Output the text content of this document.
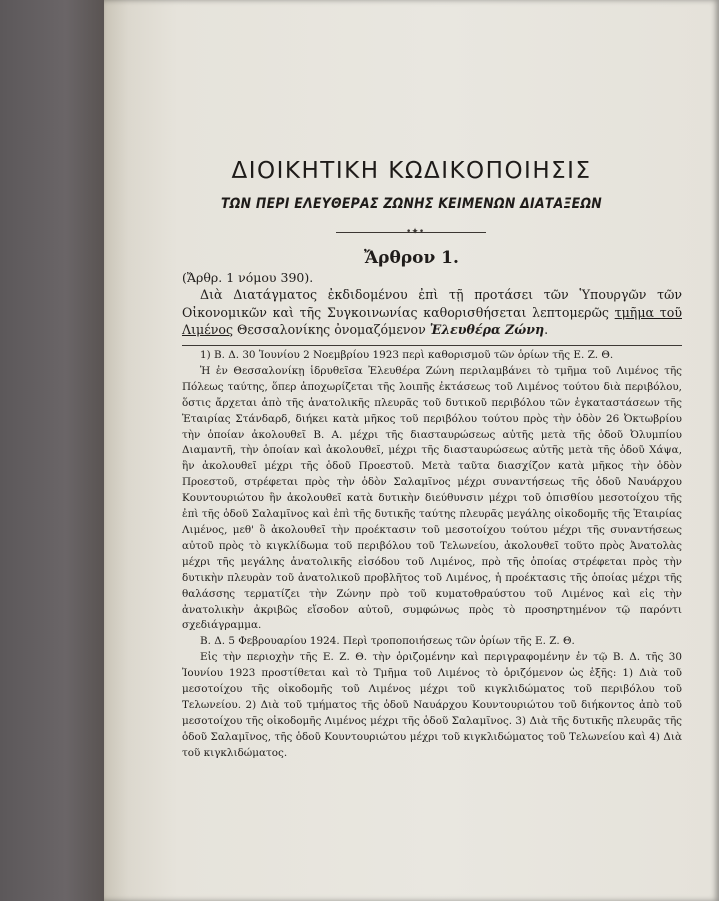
ΔΙΟΙΚΗΤΙΚΗ ΚΩΔΙΚΟΠΟΙΗΣΙΣ
ΤΩΝ ΠΕΡΙ ΕΛΕΥΘΕΡΑΣ ΖΩΝΗΣ ΚΕΙΜΕΝΩΝ ΔΙΑΤΑΞΕΩΝ
•✦•
Ἄρθρον 1.
(Ἄρθρ. 1 νόμου 390).

Διὰ Διατάγματος ἐκδιδομένου ἐπὶ τῇ προτάσει τῶν Ὑπουργῶν τῶν Οἰκονομικῶν καὶ τῆς Συγκοινωνίας καθορισθήσεται λεπτομερῶς τμῆμα τοῦ Λιμένος Θεσσαλονίκης ὀνομαζόμενον Ἐλευθέρα Ζώνη.

1) Β. Δ. 30 Ἰουνίου 2 Νοεμβρίου 1923 περὶ καθορισμοῦ τῶν ὁρίων τῆς Ε. Ζ. Θ.

Ἡ ἐν Θεσσαλονίκῃ ἱδρυθεῖσα Ἐλευθέρα Ζώνη περιλαμβάνει τὸ τμῆμα τοῦ Λιμένος τῆς Πόλεως ταύτης, ὅπερ ἀποχωρίζεται τῆς λοιπῆς ἐκτάσεως τοῦ Λιμένος τούτου διὰ περιβόλου, ὅστις ἄρχεται ἀπὸ τῆς ἀνατολικῆς πλευρᾶς τοῦ δυτικοῦ περιβόλου τῶν ἐγκαταστάσεων τῆς Ἑταιρίας Στάνδαρδ, διήκει κατὰ μῆκος τοῦ περιβόλου τούτου πρὸς τὴν ὁδὸν 26 Ὀκτωβρίου τὴν ὁποίαν ἀκολουθεῖ Β. Α. μέχρι τῆς διασταυρώσεως αὐτῆς μετὰ τῆς ὁδοῦ Ὀλυμπίου Διαμαντῆ, τὴν ὁποίαν καὶ ἀκολουθεῖ, μέχρι τῆς διασταυρώσεως αὐτῆς μετὰ τῆς ὁδοῦ Χάψα, ἣν ἀκολουθεῖ μέχρι τῆς ὁδοῦ Προεστοῦ. Μετὰ ταῦτα διασχίζον κατὰ μῆκος τὴν ὁδὸν Προεστοῦ, στρέφεται πρὸς τὴν ὁδὸν Σαλαμῖνος μέχρι συναντήσεως τῆς ὁδοῦ Ναυάρχου Κουντουριώτου ἣν ἀκολουθεῖ κατὰ δυτικὴν διεύθυνσιν μέχρι τοῦ ὀπισθίου μεσοτοίχου τῆς ἐπὶ τῆς ὁδοῦ Σαλαμῖνος καὶ ἐπὶ τῆς δυτικῆς ταύτης πλευρᾶς μεγάλης οἰκοδομῆς τῆς Ἑταιρίας Λιμένος, μεθ' ὃ ἀκολουθεῖ τὴν προέκτασιν τοῦ μεσοτοίχου τούτου μέχρι τῆς συναντήσεως αὐτοῦ πρὸς τὸ κιγκλίδωμα τοῦ περιβόλου τοῦ Τελωνείου, ἀκολουθεῖ τοῦτο πρὸς Ἀνατολὰς μέχρι τῆς μεγάλης ἀνατολικῆς εἰσόδου τοῦ Λιμένος, πρὸ τῆς ὁποίας στρέφεται πρὸς τὴν δυτικὴν πλευρὰν τοῦ ἀνατολικοῦ προβλῆτος τοῦ Λιμένος, ἡ προέκτασις τῆς ὁποίας μέχρι τῆς θαλάσσης τερματίζει τὴν Ζώνην πρὸ τοῦ κυματοθραύστου τοῦ Λιμένος καὶ εἰς τὴν ἀνατολικὴν ἀκριβῶς εἴσοδον αὐτοῦ, συμφώνως πρὸς τὸ προσηρτημένον τῷ παρόντι σχεδιάγραμμα.

Β. Δ. 5 Φεβρουαρίου 1924. Περὶ τροποποιήσεως τῶν ὁρίων τῆς Ε. Ζ. Θ.

Εἰς τὴν περιοχὴν τῆς Ε. Ζ. Θ. τὴν ὁριζομένην καὶ περιγραφομένην ἐν τῷ Β. Δ. τῆς 30 Ἰουνίου 1923 προστίθεται καὶ τὸ Τμῆμα τοῦ Λιμένος τὸ ὁριζόμενον ὡς ἑξῆς: 1) Διὰ τοῦ μεσοτοίχου τῆς οἰκοδομῆς τοῦ Λιμένος μέχρι τοῦ κιγκλιδώματος τοῦ περιβόλου τοῦ Τελωνείου. 2) Διὰ τοῦ τμήματος τῆς ὁδοῦ Ναυάρχου Κουντουριώτου τοῦ διήκοντος ἀπὸ τοῦ μεσοτοίχου τῆς οἰκοδομῆς Λιμένος μέχρι τῆς ὁδοῦ Σαλαμῖνος. 3) Διὰ τῆς δυτικῆς πλευρᾶς τῆς ὁδοῦ Σαλαμῖνος, τῆς ὁδοῦ Κουντουριώτου μέχρι τοῦ κιγκλιδώματος τοῦ Τελωνείου καὶ 4) Διὰ τοῦ κιγκλιδώματος.
